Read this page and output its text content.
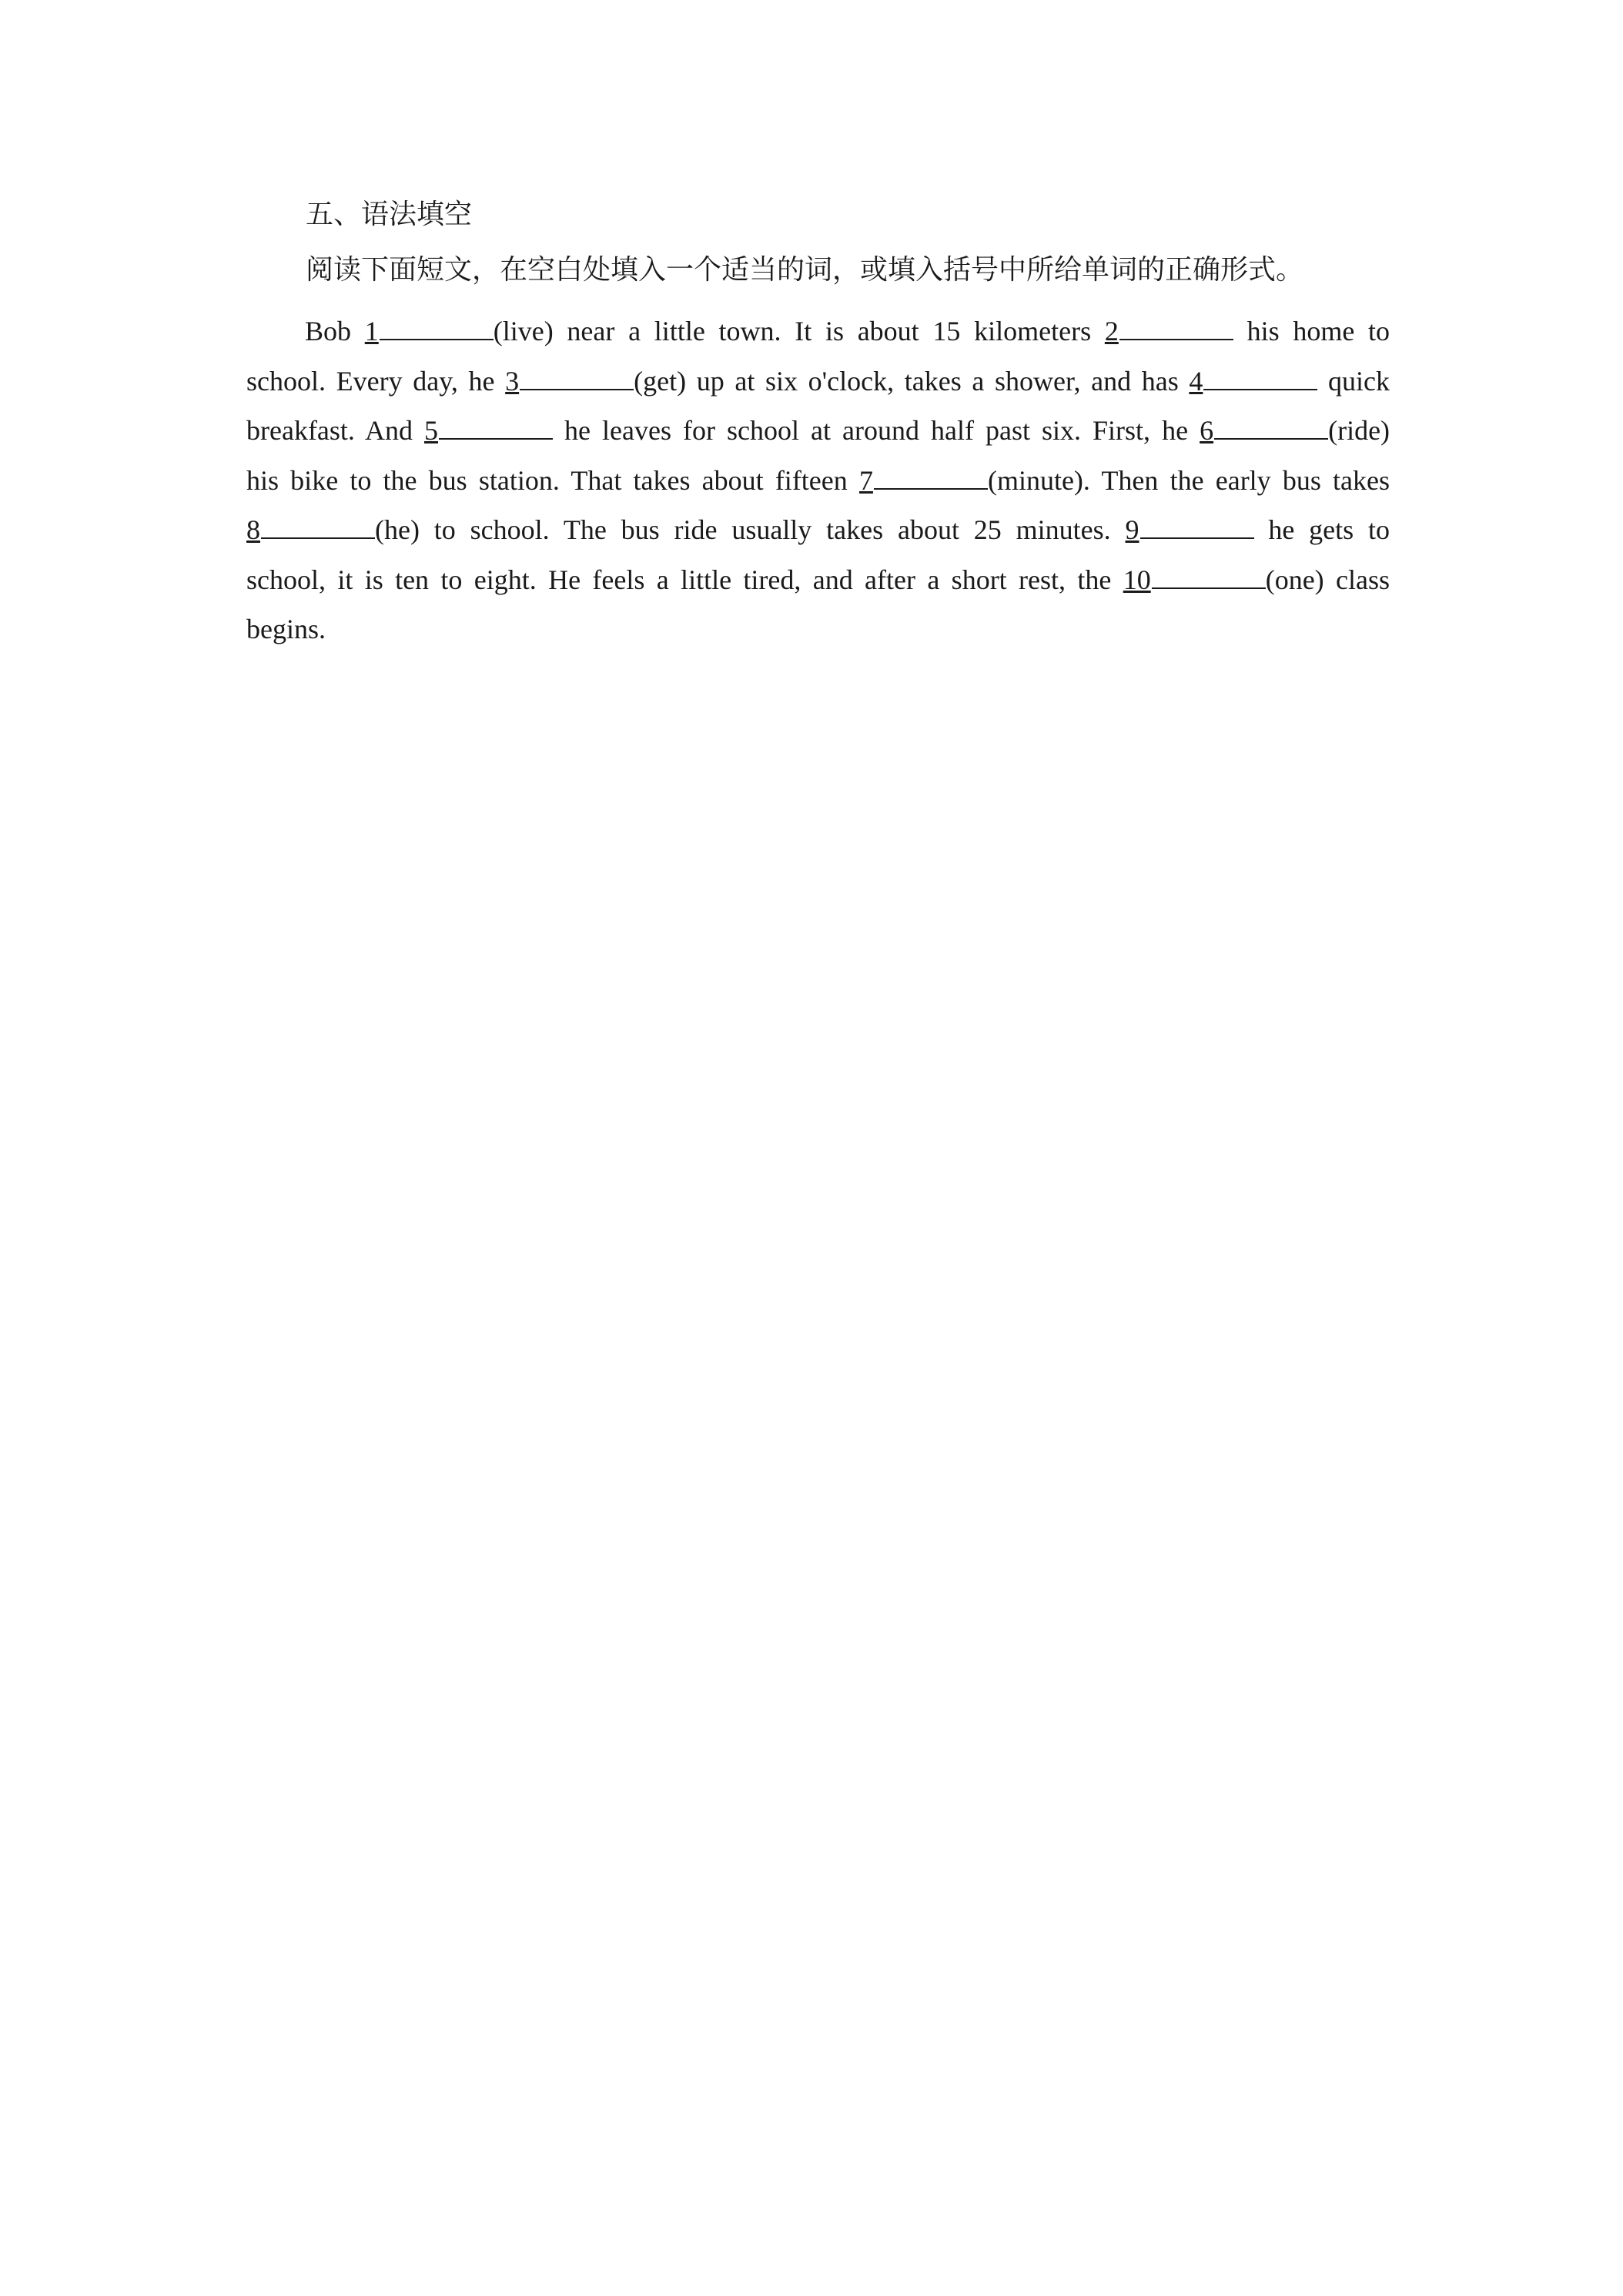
五、语法填空
阅读下面短文，在空白处填入一个适当的词，或填入括号中所给单词的正确形式。
Bob 1	(live) near a little town. It is about 15 kilometers 2	his home to
school. Every day, he 3	(get) up at six o'clock, takes a shower, and has 4	quick
breakfast. And 5	he leaves for school at around half past six. First, he 6	(ride)
his bike to the bus station. That takes about fifteen 7	(minute). Then the early bus takes
8	(he) to school. The bus ride usually takes about 25 minutes. 9	he gets to
school, it is ten to eight. He feels a little tired, and after a short rest, the 10	(one) class
begins.
